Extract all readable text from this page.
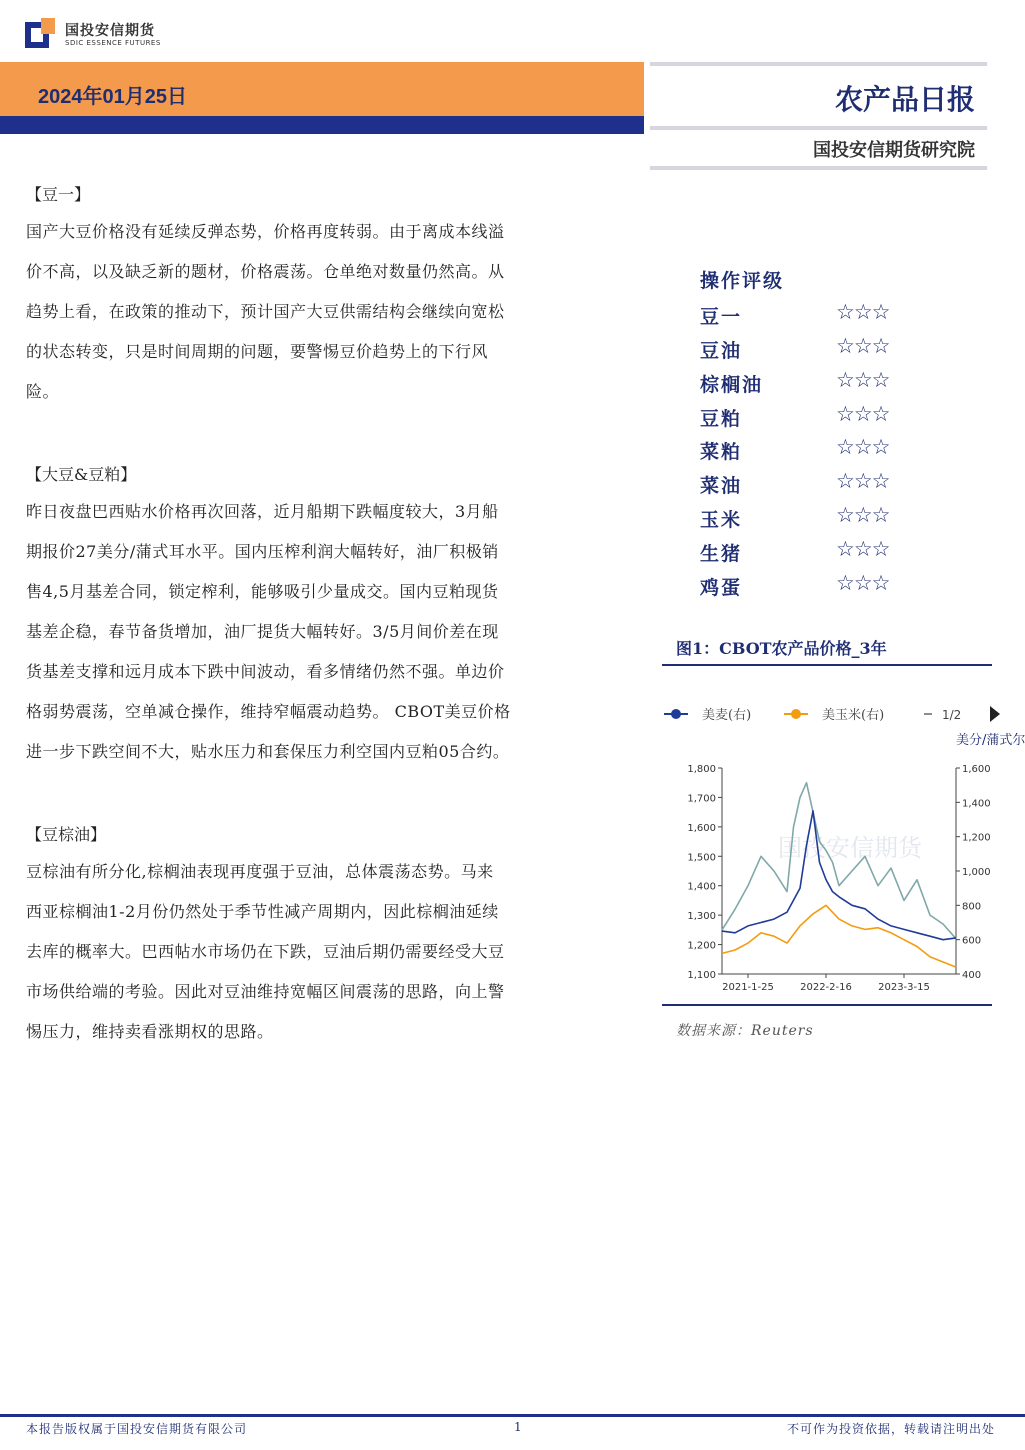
国投安信期货
SDIC ESSENCE FUTURES
2024年01月25日	农产品日报
国投安信期货研究院
【豆一】
国产大豆价格没有延续反弹态势，价格再度转弱。由于离成本线溢
价不高，以及缺乏新的题材，价格震荡。仓单绝对数量仍然高。从
趋势上看，在政策的推动下，预计国产大豆供需结构会继续向宽松
的状态转变，只是时间周期的问题，要警惕豆价趋势上的下行风
险。
【大豆&豆粕】
昨日夜盘巴西贴水价格再次回落，近月船期下跌幅度较大，3月船
期报价27美分/蒲式耳水平。国内压榨利润大幅转好，油厂积极销
售4,5月基差合同，锁定榨利，能够吸引少量成交。国内豆粕现货
基差企稳，春节备货增加，油厂提货大幅转好。3/5月间价差在现
货基差支撑和远月成本下跌中间波动，看多情绪仍然不强。单边价
格弱势震荡，空单减仓操作，维持窄幅震动趋势。 CBOT美豆价格
进一步下跌空间不大，贴水压力和套保压力利空国内豆粕05合约。
【豆棕油】
豆棕油有所分化,棕榈油表现再度强于豆油，总体震荡态势。马来
西亚棕榈油1-2月份仍然处于季节性减产周期内，因此棕榈油延续
去库的概率大。巴西帖水市场仍在下跌，豆油后期仍需要经受大豆
市场供给端的考验。因此对豆油维持宽幅区间震荡的思路，向上警
惕压力，维持卖看涨期权的思路。
操作评级
豆一	☆☆☆
豆油	☆☆☆
棕榈油	☆☆☆
豆粕	☆☆☆
菜粕	☆☆☆
菜油	☆☆☆
玉米	☆☆☆
生猪	☆☆☆
鸡蛋	☆☆☆
图1：CBOT农产品价格_3年
国投安信期货
美麦(右)	美玉米(右)	1/2
美分/蒲式尔
1,800
1,700
1,600
1,500
1,400
1,300
1,200
1,100
1,600
1,400
1,200
1,000
800
600
400
2021-1-25	2022-2-16	2023-3-15
数据来源：Reuters
本报告版权属于国投安信期货有限公司	1	不可作为投资依据，转载请注明出处
